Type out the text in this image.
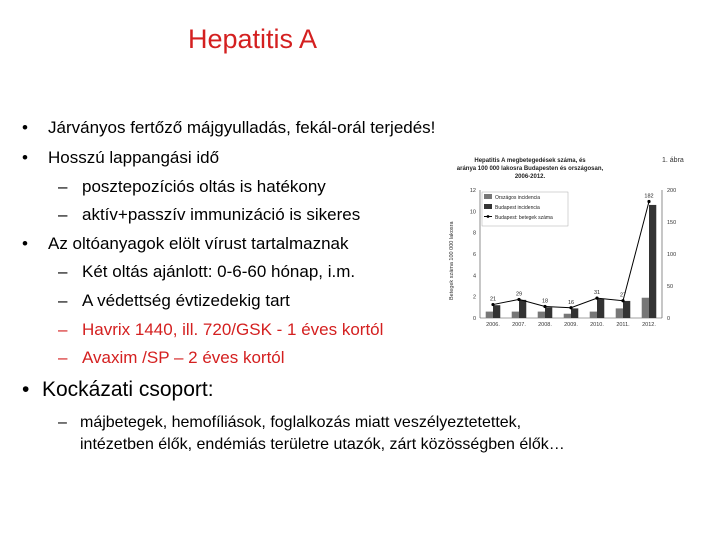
Hepatitis A
• Járványos fertőző májgyulladás, fekál-orál terjedés!
• Hosszú lappangási idő
– posztepozíciós oltás is hatékony
– aktív+passzív immunizáció is sikeres
• Az oltóanyagok elölt vírust tartalmaznak
– Két oltás ajánlott: 0-6-60 hónap, i.m.
– A védettség évtizedekig tart
– Havrix 1440, ill. 720/GSK - 1 éves kortól
– Avaxim /SP – 2 éves kortól
• Kockázati csoport:
– májbetegek, hemofíliások, foglalkozás miatt veszélyeztetettek,
intézetben élők, endémiás területre utazók, zárt közösségben élők…
1. ábra
Hepatitis A megbetegedések száma, és
aránya 100 000 lakosra Budapesten és országosan,
2006-2012.
Betegek száma 100 000 lakosra
0
2
4
6
8
10
12
0
50
100
150
200
21
29
18	16
31	27
182
2006. 2007. 2008. 2009. 2010. 2011. 2012.
Országos incidencia
Budapest incidencia
Budapest: betegek száma
